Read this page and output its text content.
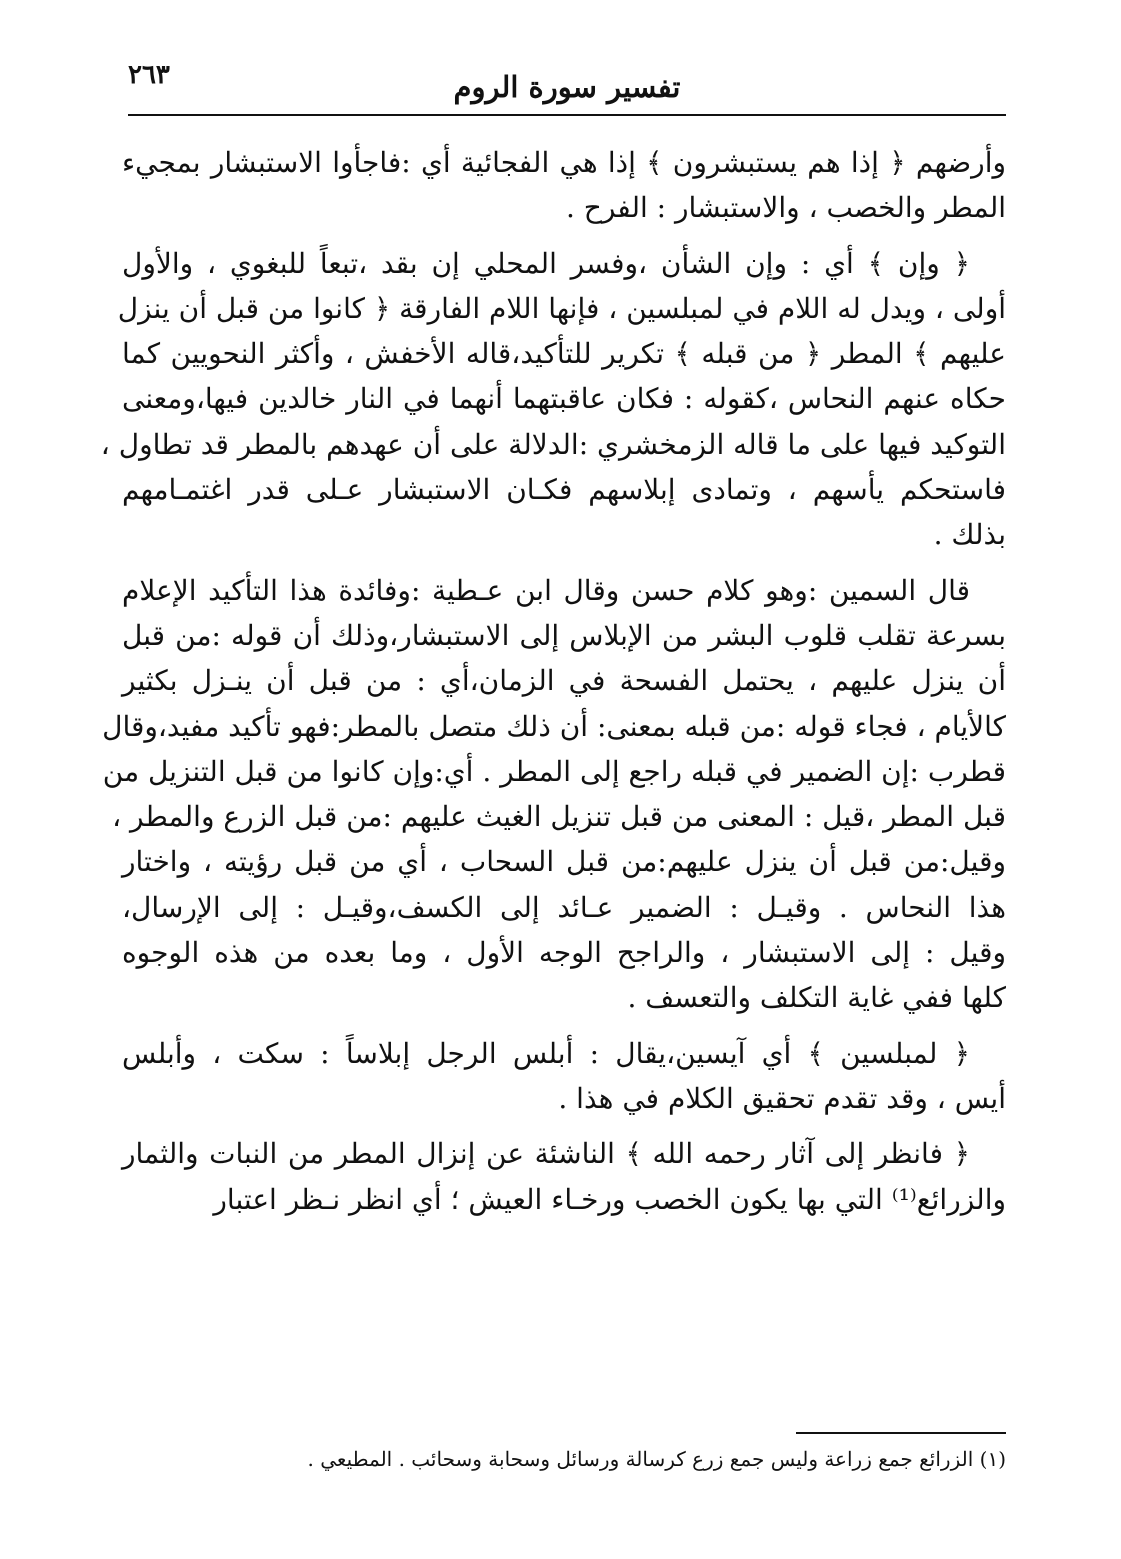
٢٦٣	تفسير سورة الروم
وأرضهم ﴿ إذا هم يستبشرون ﴾ إذا هي الفجائية أي :فاجأوا الاستبشار بمجيء
المطر والخصب ، والاستبشار : الفرح .
﴿ وإن ﴾ أي : وإن الشأن ،وفسر المحلي إن بقد ،تبعاً للبغوي ، والأول
أولى ، ويدل له اللام في لمبلسين ، فإنها اللام الفارقة ﴿ كانوا من قبل أن ينزل
عليهم ﴾ المطر ﴿ من قبله ﴾ تكرير للتأكيد،قاله الأخفش ، وأكثر النحويين كما
حكاه عنهم النحاس ،كقوله : فكان عاقبتهما أنهما في النار خالدين فيها،ومعنى
التوكيد فيها على ما قاله الزمخشري :الدلالة على أن عهدهم بالمطر قد تطاول ،
فاستحكم يأسهم ، وتمادى إبلاسهم فكـان الاستبشار عـلى قدر اغتمـامهم
بذلك .
قال السمين :وهو كلام حسن وقال ابن عـطية :وفائدة هذا التأكيد الإعلام
بسرعة تقلب قلوب البشر من الإبلاس إلى الاستبشار،وذلك أن قوله :من قبل
أن ينزل عليهم ، يحتمل الفسحة في الزمان،أي : من قبل أن ينـزل بكثير
كالأيام ، فجاء قوله :من قبله بمعنى: أن ذلك متصل بالمطر:فهو تأكيد مفيد،وقال
قطرب :إن الضمير في قبله راجع إلى المطر . أي:وإن كانوا من قبل التنزيل من
قبل المطر ،قيل : المعنى من قبل تنزيل الغيث عليهم :من قبل الزرع والمطر ،
وقيل:من قبل أن ينزل عليهم:من قبل السحاب ، أي من قبل رؤيته ، واختار
هذا النحاس . وقيـل : الضمير عـائد إلى الكسف،وقيـل : إلى الإرسال،
وقيل : إلى الاستبشار ، والراجح الوجه الأول ، وما بعده من هذه الوجوه
كلها ففي غاية التكلف والتعسف .
﴿ لمبلسين ﴾ أي آيسين،يقال : أبلس الرجل إبلاساً : سكت ، وأبلس
أيس ، وقد تقدم تحقيق الكلام في هذا .
﴿ فانظر إلى آثار رحمه الله ﴾ الناشئة عن إنزال المطر من النبات والثمار
والزرائع⁽¹⁾ التي بها يكون الخصب ورخـاء العيش ؛ أي انظر نـظر اعتبار
(١) الزرائع جمع زراعة وليس جمع زرع كرسالة ورسائل وسحابة وسحائب . المطيعي .
